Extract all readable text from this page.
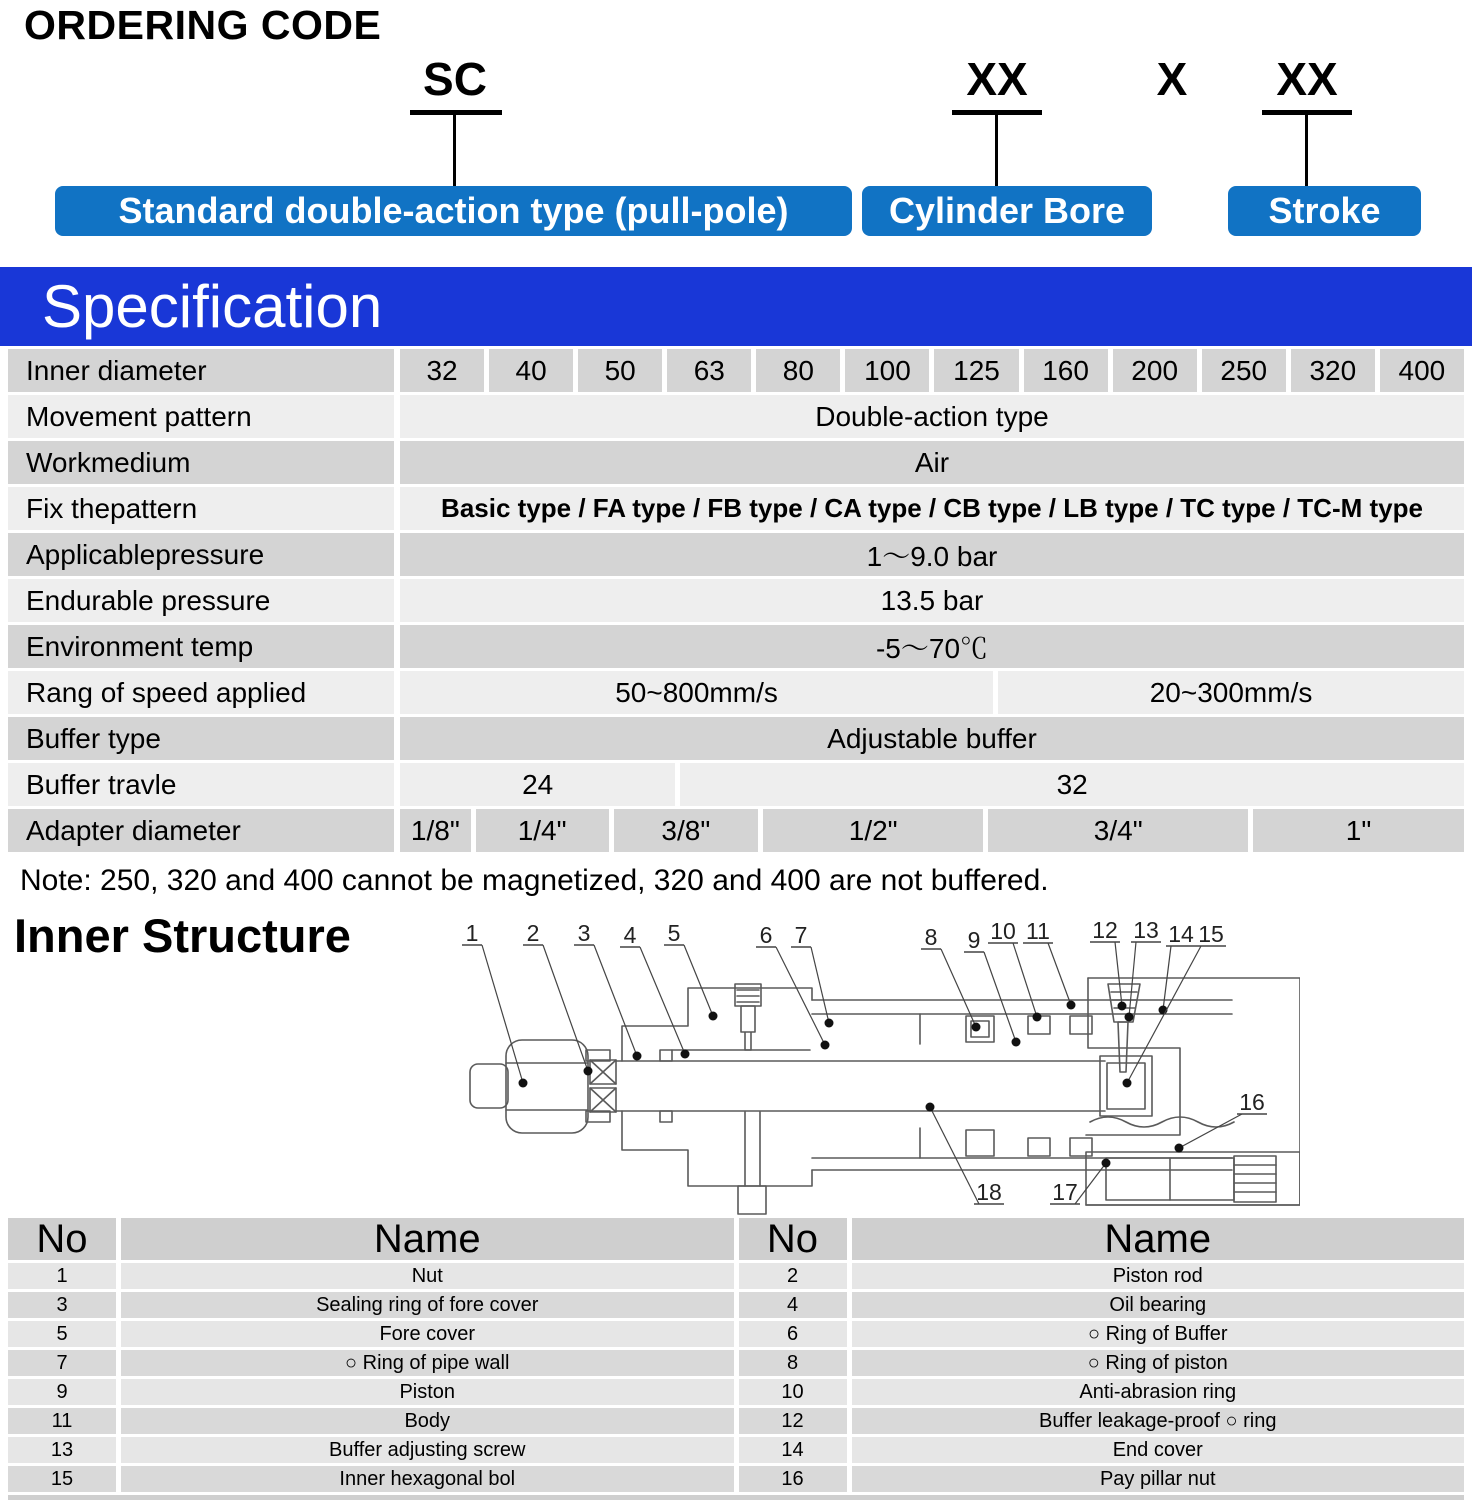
ORDERING CODE
SC	XX	X XX
Standard double-action type (pull-pole)	Cylinder Bore	Stroke
Specification
Inner diameter	32	40	50	63	80	100	125	160	200	250	320	400
Movement pattern	Double-action type
Workmedium	Air
Fix thepattern	Basic type / FA type / FB type / CA type / CB type / LB type / TC type / TC-M type
Applicablepressure	1～9.0 bar
Endurable pressure	13.5 bar
Environment temp	-5～70℃
Rang of speed applied	50~800mm/s	20~300mm/s
Buffer type	Adjustable buffer
Buffer travle	24	32
Adapter diameter	1/8"	1/4"	3/8"	1/2"	3/4"	1"
Note: 250, 320 and 400 cannot be magnetized, 320 and 400 are not buffered.
Inner Structure	1 2 3 4 5	6 7	8 9 10 11 12 13 14 15
16
17
18
No	Name	No	Name
1	Nut	2	Piston rod
3	Sealing ring of fore cover	4	Oil bearing
5	Fore cover	6	○ Ring of Buffer
7	○ Ring of pipe wall	8	○ Ring of piston
9	Piston	10	Anti-abrasion ring
11	Body	12	Buffer leakage-proof ○ ring
13	Buffer adjusting screw	14	End cover
15	Inner hexagonal bol	16	Pay pillar nut
